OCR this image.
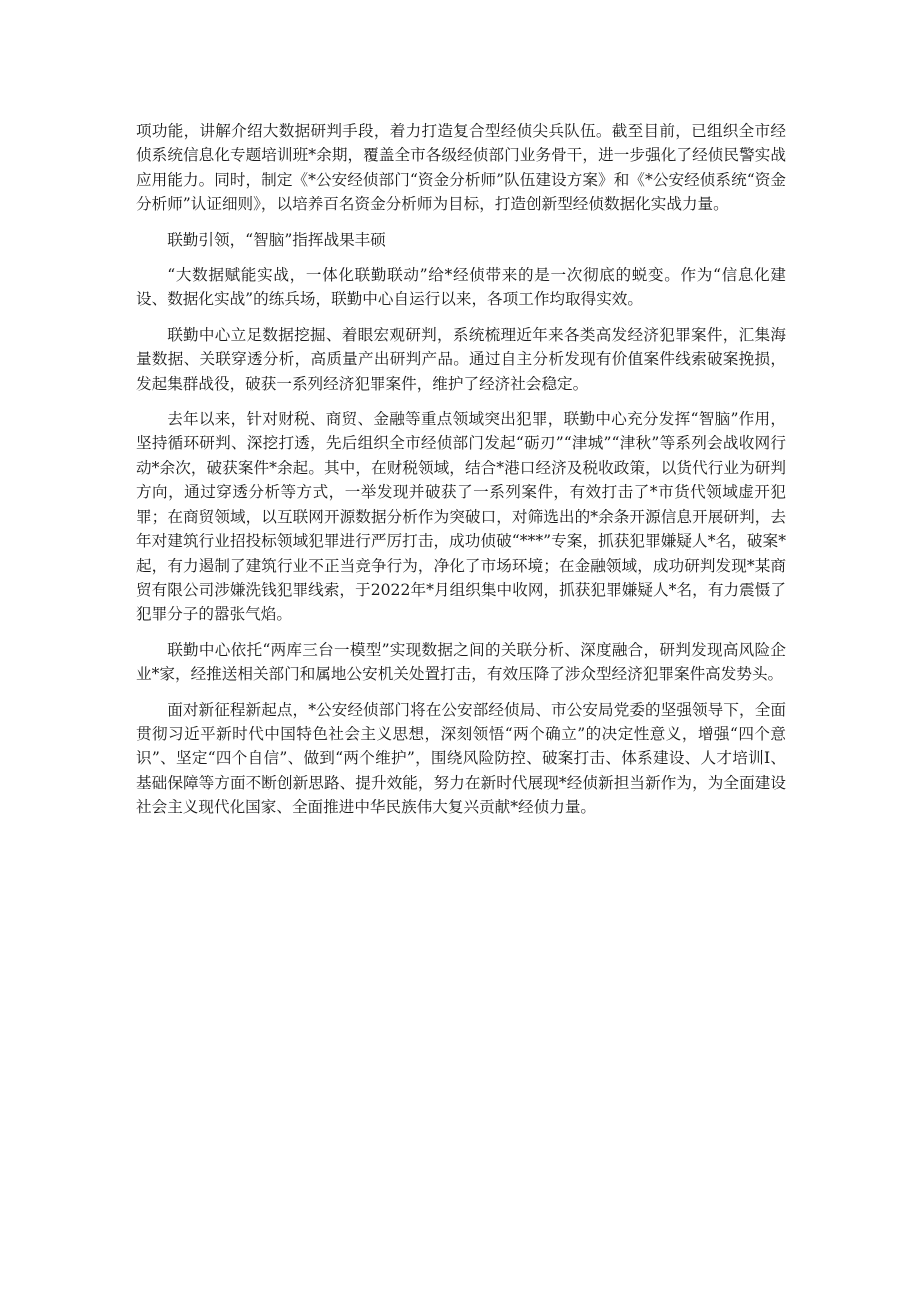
项功能，讲解介绍大数据研判手段，着力打造复合型经侦尖兵队伍。截至目前，已组织全市经侦系统信息化专题培训班*余期，覆盖全市各级经侦部门业务骨干，进一步强化了经侦民警实战应用能力。同时，制定《*公安经侦部门“资金分析师”队伍建设方案》和《*公安经侦系统“资金分析师”认证细则》，以培养百名资金分析师为目标，打造创新型经侦数据化实战力量。

联勤引领，“智脑”指挥战果丰硕

“大数据赋能实战，一体化联勤联动”给*经侦带来的是一次彻底的蜕变。作为“信息化建设、数据化实战”的练兵场，联勤中心自运行以来，各项工作均取得实效。

联勤中心立足数据挖掘、着眼宏观研判，系统梳理近年来各类高发经济犯罪案件，汇集海量数据、关联穿透分析，高质量产出研判产品。通过自主分析发现有价值案件线索破案挽损，发起集群战役，破获一系列经济犯罪案件，维护了经济社会稳定。

去年以来，针对财税、商贸、金融等重点领域突出犯罪，联勤中心充分发挥“智脑”作用，坚持循环研判、深挖打透，先后组织全市经侦部门发起“砺刃”“津城”“津秋”等系列会战收网行动*余次，破获案件*余起。其中，在财税领域，结合*港口经济及税收政策，以货代行业为研判方向，通过穿透分析等方式，一举发现并破获了一系列案件，有效打击了*市货代领域虚开犯罪；在商贸领域，以互联网开源数据分析作为突破口，对筛选出的*余条开源信息开展研判，去年对建筑行业招投标领域犯罪进行严厉打击，成功侦破“***”专案，抓获犯罪嫌疑人*名，破案*起，有力遏制了建筑行业不正当竞争行为，净化了市场环境；在金融领域，成功研判发现*某商贸有限公司涉嫌洗钱犯罪线索，于2022年*月组织集中收网，抓获犯罪嫌疑人*名，有力震慑了犯罪分子的嚣张气焰。

联勤中心依托“两库三台一模型”实现数据之间的关联分析、深度融合，研判发现高风险企业*家，经推送相关部门和属地公安机关处置打击，有效压降了涉众型经济犯罪案件高发势头。

面对新征程新起点，*公安经侦部门将在公安部经侦局、市公安局党委的坚强领导下，全面贯彻习近平新时代中国特色社会主义思想，深刻领悟“两个确立”的决定性意义，增强“四个意识”、坚定“四个自信”、做到“两个维护”，围绕风险防控、破案打击、体系建设、人才培训Ⅰ、基础保障等方面不断创新思路、提升效能，努力在新时代展现*经侦新担当新作为，为全面建设社会主义现代化国家、全面推进中华民族伟大复兴贡献*经侦力量。
